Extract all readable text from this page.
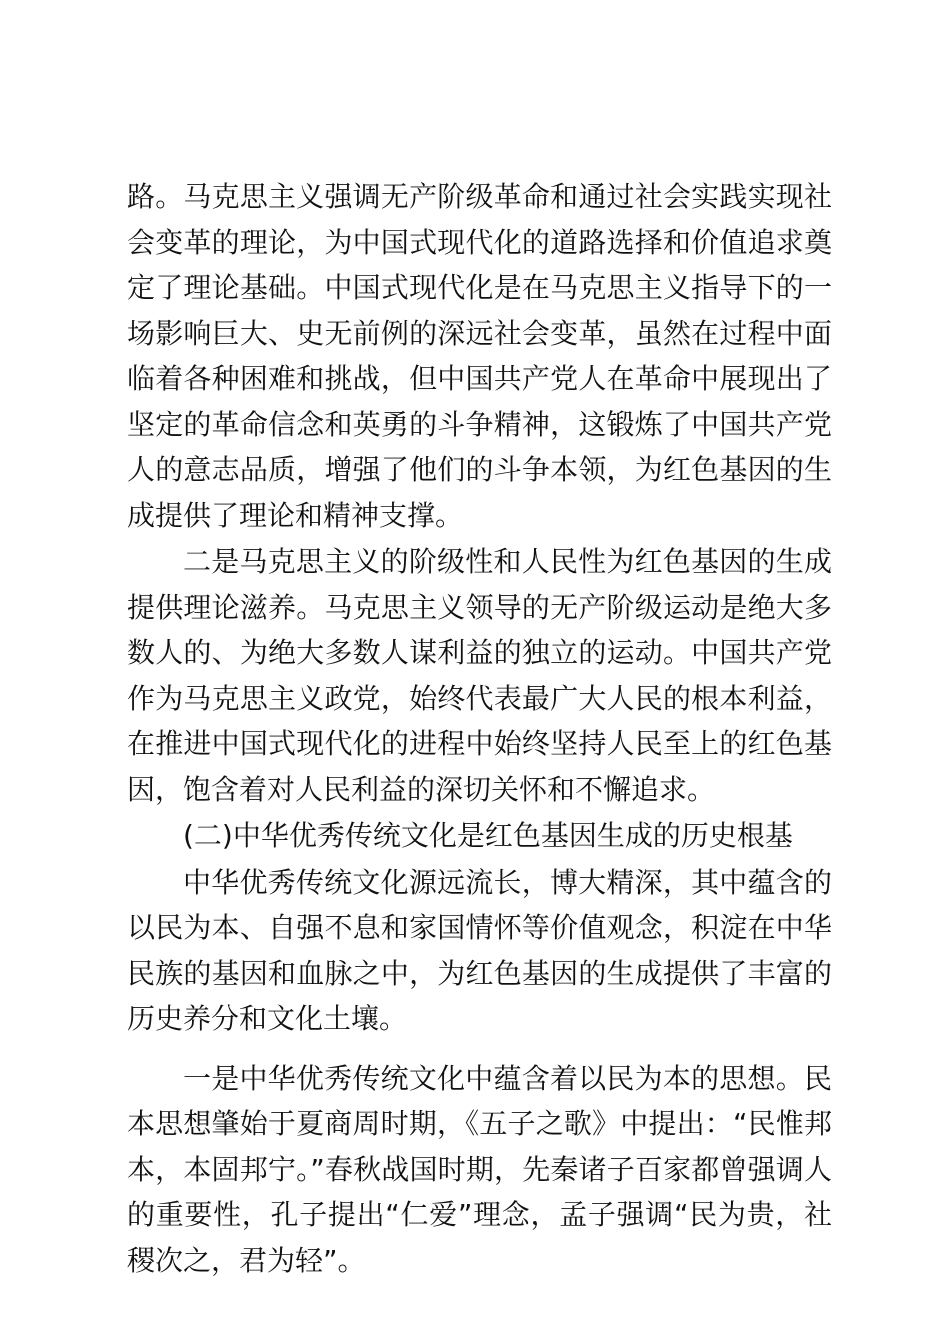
路。马克思主义强调无产阶级革命和通过社会实践实现社会变革的理论，为中国式现代化的道路选择和价值追求奠定了理论基础。中国式现代化是在马克思主义指导下的一场影响巨大、史无前例的深远社会变革，虽然在过程中面临着各种困难和挑战，但中国共产党人在革命中展现出了坚定的革命信念和英勇的斗争精神，这锻炼了中国共产党人的意志品质，增强了他们的斗争本领，为红色基因的生成提供了理论和精神支撑。

二是马克思主义的阶级性和人民性为红色基因的生成提供理论滋养。马克思主义领导的无产阶级运动是绝大多数人的、为绝大多数人谋利益的独立的运动。中国共产党作为马克思主义政党，始终代表最广大人民的根本利益，在推进中国式现代化的进程中始终坚持人民至上的红色基因，饱含着对人民利益的深切关怀和不懈追求。

(二)中华优秀传统文化是红色基因生成的历史根基

中华优秀传统文化源远流长，博大精深，其中蕴含的以民为本、自强不息和家国情怀等价值观念，积淀在中华民族的基因和血脉之中，为红色基因的生成提供了丰富的历史养分和文化土壤。

一是中华优秀传统文化中蕴含着以民为本的思想。民本思想肇始于夏商周时期，《五子之歌》中提出：“民惟邦本，本固邦宁。”春秋战国时期，先秦诸子百家都曾强调人的重要性，孔子提出“仁爱”理念，孟子强调“民为贵，社稷次之，君为轻”。
